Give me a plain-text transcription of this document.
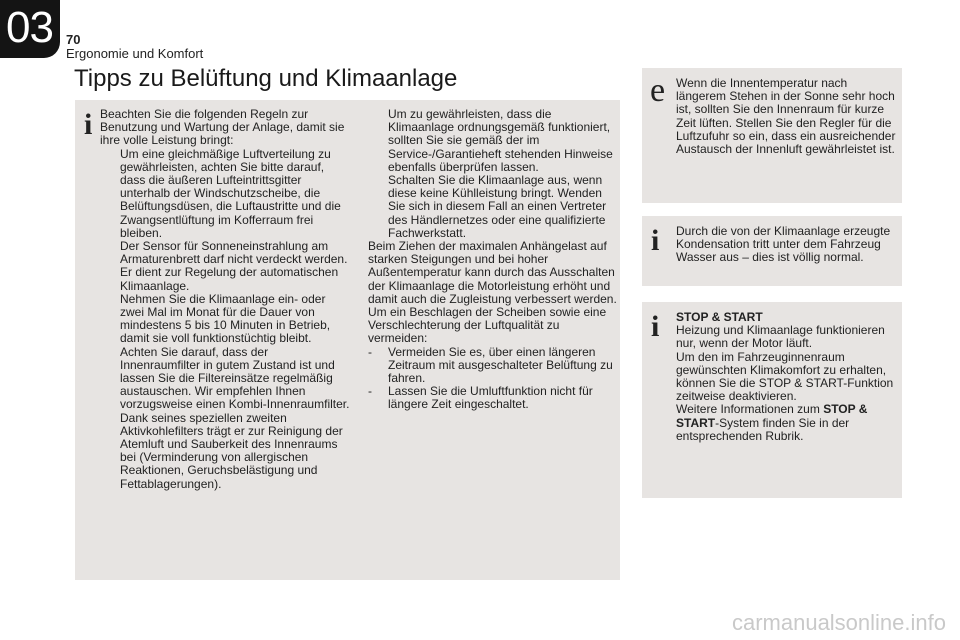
03 70
Ergonomie und Komfort
Tipps zu Belüftung und Klimaanlage
i Beachten Sie die folgenden Regeln zur Benutzung und Wartung der Anlage, damit sie ihre volle Leistung bringt:

Um eine gleichmäßige Luftverteilung zu gewährleisten, achten Sie bitte darauf, dass die äußeren Lufteintrittsgitter unterhalb der Windschutzscheibe, die Belüftungsdüsen, die Luftaustritte und die Zwangsentlüftung im Kofferraum frei bleiben.
Der Sensor für Sonneneinstrahlung am Armaturenbrett darf nicht verdeckt werden. Er dient zur Regelung der automatischen Klimaanlage.
Nehmen Sie die Klimaanlage ein- oder zwei Mal im Monat für die Dauer von mindestens 5 bis 10 Minuten in Betrieb, damit sie voll funktionstüchtig bleibt.
Achten Sie darauf, dass der Innenraumfilter in gutem Zustand ist und lassen Sie die Filtereinsätze regelmäßig austauschen. Wir empfehlen Ihnen vorzugsweise einen Kombi-Innenraumfilter. Dank seines speziellen zweiten Aktivkohlefilters trägt er zur Reinigung der Atemluft und Sauberkeit des Innenraums bei (Verminderung von allergischen Reaktionen, Geruchsbelästigung und Fettablagerungen).
Um zu gewährleisten, dass die Klimaanlage ordnungsgemäß funktioniert, sollten Sie sie gemäß der im Service-/Garantieheft stehenden Hinweise ebenfalls überprüfen lassen.
Schalten Sie die Klimaanlage aus, wenn diese keine Kühlleistung bringt. Wenden Sie sich in diesem Fall an einen Vertreter des Händlernetzes oder eine qualifizierte Fachwerkstatt.

Beim Ziehen der maximalen Anhängelast auf starken Steigungen und bei hoher Außentemperatur kann durch das Ausschalten der Klimaanlage die Motorleistung erhöht und damit auch die Zugleistung verbessert werden.

Um ein Beschlagen der Scheiben sowie eine Verschlechterung der Luftqualität zu vermeiden:

- Vermeiden Sie es, über einen längeren Zeitraum mit ausgeschalteter Belüftung zu fahren.
- Lassen Sie die Umluftfunktion nicht für längere Zeit eingeschaltet.
e Wenn die Innentemperatur nach längerem Stehen in der Sonne sehr hoch ist, sollten Sie den Innenraum für kurze Zeit lüften. Stellen Sie den Regler für die Luftzufuhr so ein, dass ein ausreichender Austausch der Innenluft gewährleistet ist.
i Durch die von der Klimaanlage erzeugte Kondensation tritt unter dem Fahrzeug Wasser aus – dies ist völlig normal.
i STOP & START

Heizung und Klimaanlage funktionieren nur, wenn der Motor läuft.

Um den im Fahrzeuginnenraum gewünschten Klimakomfort zu erhalten, können Sie die STOP & START-Funktion zeitweise deaktivieren.

Weitere Informationen zum STOP & START-System finden Sie in der entsprechenden Rubrik.

carmanualsonline.info
